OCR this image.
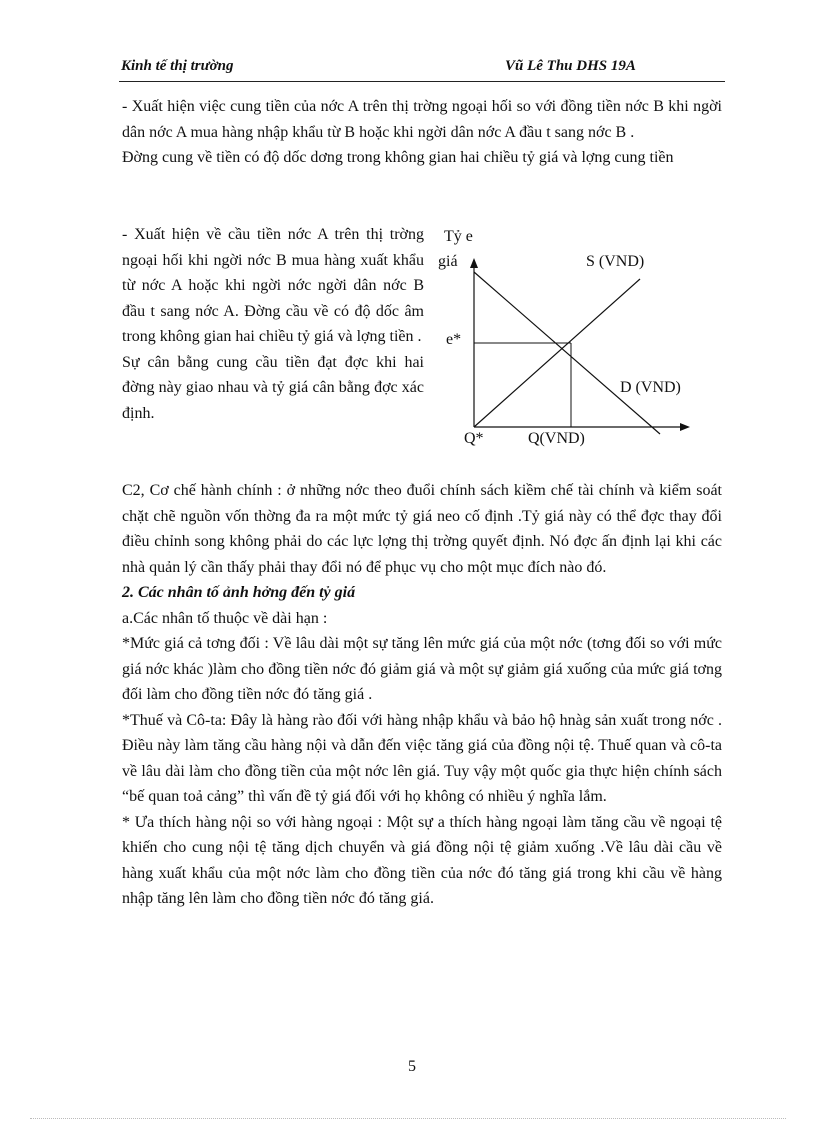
Kinh tế thị trường	Vũ Lê Thu DHS 19A

- Xuất hiện việc cung tiền của nớc A trên thị trờng ngoại hối so với đồng tiền nớc B khi ngời dân nớc A mua hàng nhập khẩu từ B hoặc khi ngời dân nớc A đầu t sang nớc B .

Đờng cung về tiền có độ dốc dơng trong không gian hai chiều tỷ giá và lợng cung tiền

- Xuất hiện về cầu tiền nớc A trên thị trờng ngoại hối khi ngời nớc B mua hàng xuất khẩu từ nớc A hoặc khi ngời nớc ngời dân nớc B đầu t sang nớc A. Đờng cầu về có độ dốc âm trong không gian hai chiều tỷ giá và lợng tiền .

Sự cân bằng cung cầu tiền đạt đợc khi hai đờng này giao nhau và tỷ giá cân bằng đợc xác định.

Tỷ e
giá	S (VND)
D (VND)
e*
Q*	Q(VND)

C2, Cơ chế hành chính : ở những nớc theo đuổi chính sách kiềm chế tài chính và kiểm soát chặt chẽ nguồn vốn thờng đa ra một mức tỷ giá neo cố định .Tỷ giá này có thể đợc thay đổi điều chỉnh song không phải do các lực lợng thị trờng quyết định. Nó đợc ấn định lại khi các nhà quản lý cần thấy phải thay đổi nó để phục vụ cho một mục đích nào đó.

2. Các nhân tố ảnh hởng đến tỷ giá

a.Các nhân tố thuộc về dài hạn :

*Mức giá cả tơng đối : Về lâu dài một sự tăng lên mức giá của một nớc (tơng đối so với mức giá nớc khác )làm cho đồng tiền nớc đó giảm giá và một sự giảm giá xuống của mức giá tơng đối làm cho đồng tiền nớc đó tăng giá .

*Thuế và Cô-ta: Đây là hàng rào đối với hàng nhập khẩu và bảo hộ hnàg sản xuất trong nớc . Điều này làm tăng cầu hàng nội và dẫn đến việc tăng giá của đồng nội tệ. Thuế quan và cô-ta về lâu dài làm cho đồng tiền của một nớc lên giá. Tuy vậy một quốc gia thực hiện chính sách “bế quan toả cảng” thì vấn đề tỷ giá đối với họ không có nhiều ý nghĩa lắm.

* Ưa thích hàng nội so với hàng ngoại : Một sự a thích hàng ngoại làm tăng cầu về ngoại tệ khiến cho cung nội tệ tăng dịch chuyển và giá đồng nội tệ giảm xuống .Về lâu dài cầu về hàng xuất khẩu của một nớc làm cho đồng tiền của nớc đó tăng giá trong khi cầu về hàng nhập tăng lên làm cho đồng tiền nớc đó tăng giá.

5
